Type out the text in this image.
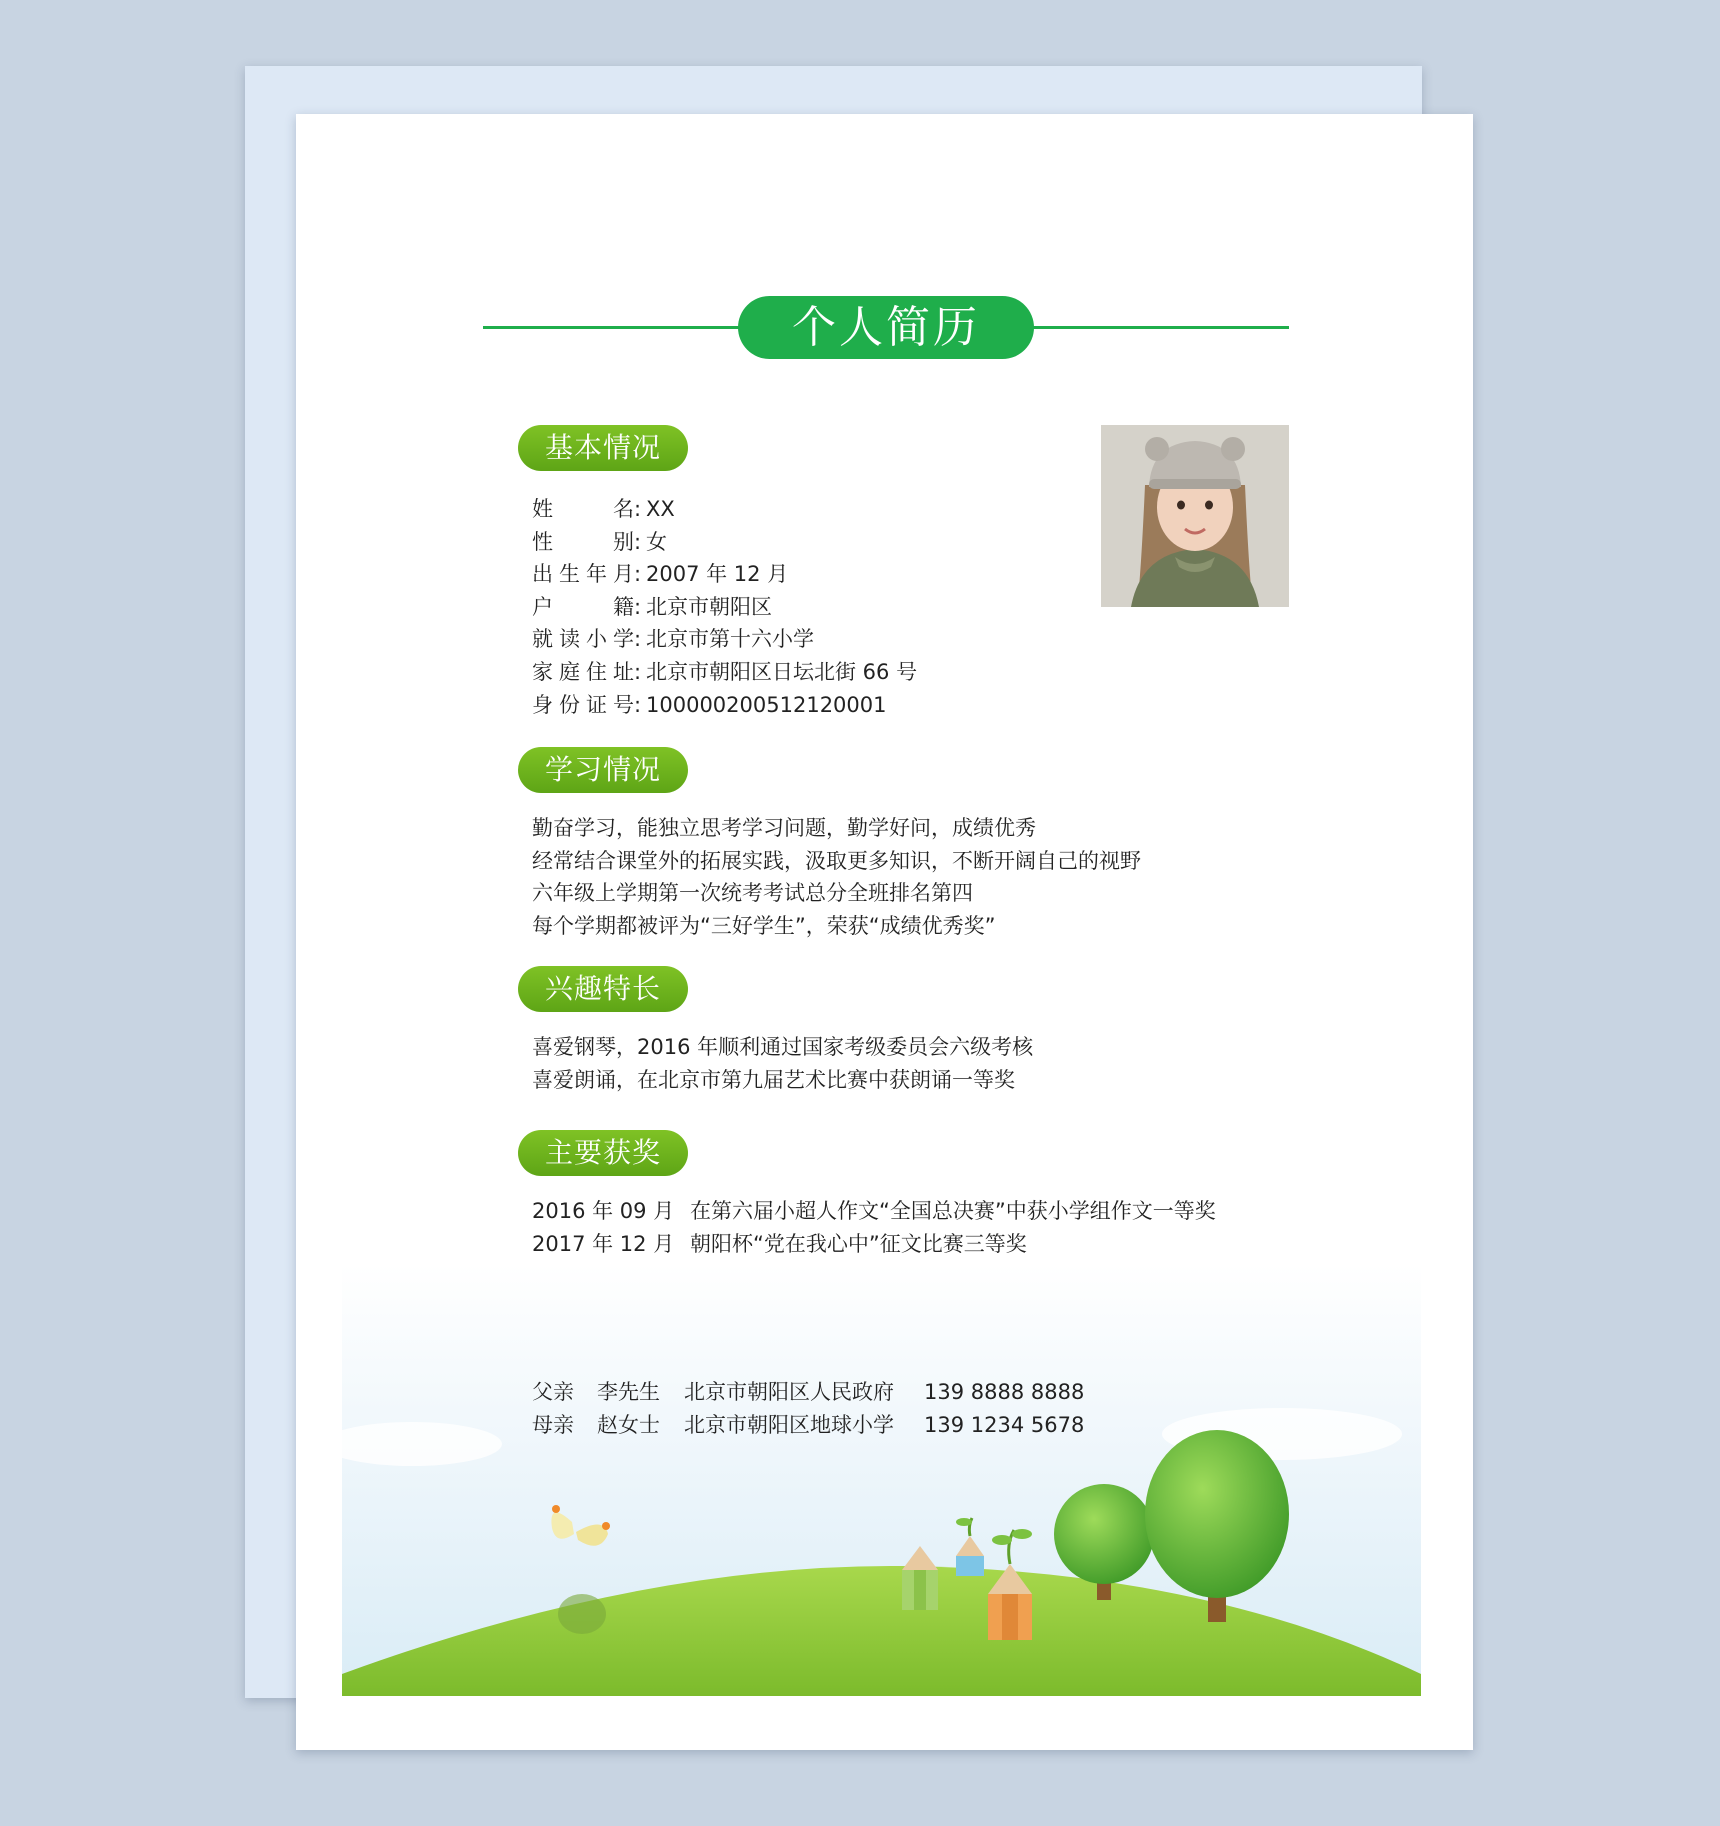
个人简历
基本情况
姓名 : XX
性别 : 女
出生年月 : 2007 年 12 月
户籍 : 北京市朝阳区
就读小学 : 北京市第十六小学
家庭住址 : 北京市朝阳区日坛北街 66 号
身份证号 : 100000200512120001
学习情况
勤奋学习，能独立思考学习问题，勤学好问，成绩优秀
经常结合课堂外的拓展实践，汲取更多知识，不断开阔自己的视野
六年级上学期第一次统考考试总分全班排名第四
每个学期都被评为“三好学生”，荣获“成绩优秀奖”
兴趣特长
喜爱钢琴，2016 年顺利通过国家考级委员会六级考核
喜爱朗诵，在北京市第九届艺术比赛中获朗诵一等奖
主要获奖
2016 年 09 月 在第六届小超人作文“全国总决赛”中获小学组作文一等奖
2017 年 12 月 朝阳杯“党在我心中”征文比赛三等奖
父亲	李先生	北京市朝阳区人民政府	139 8888 8888
母亲	赵女士	北京市朝阳区地球小学	139 1234 5678
